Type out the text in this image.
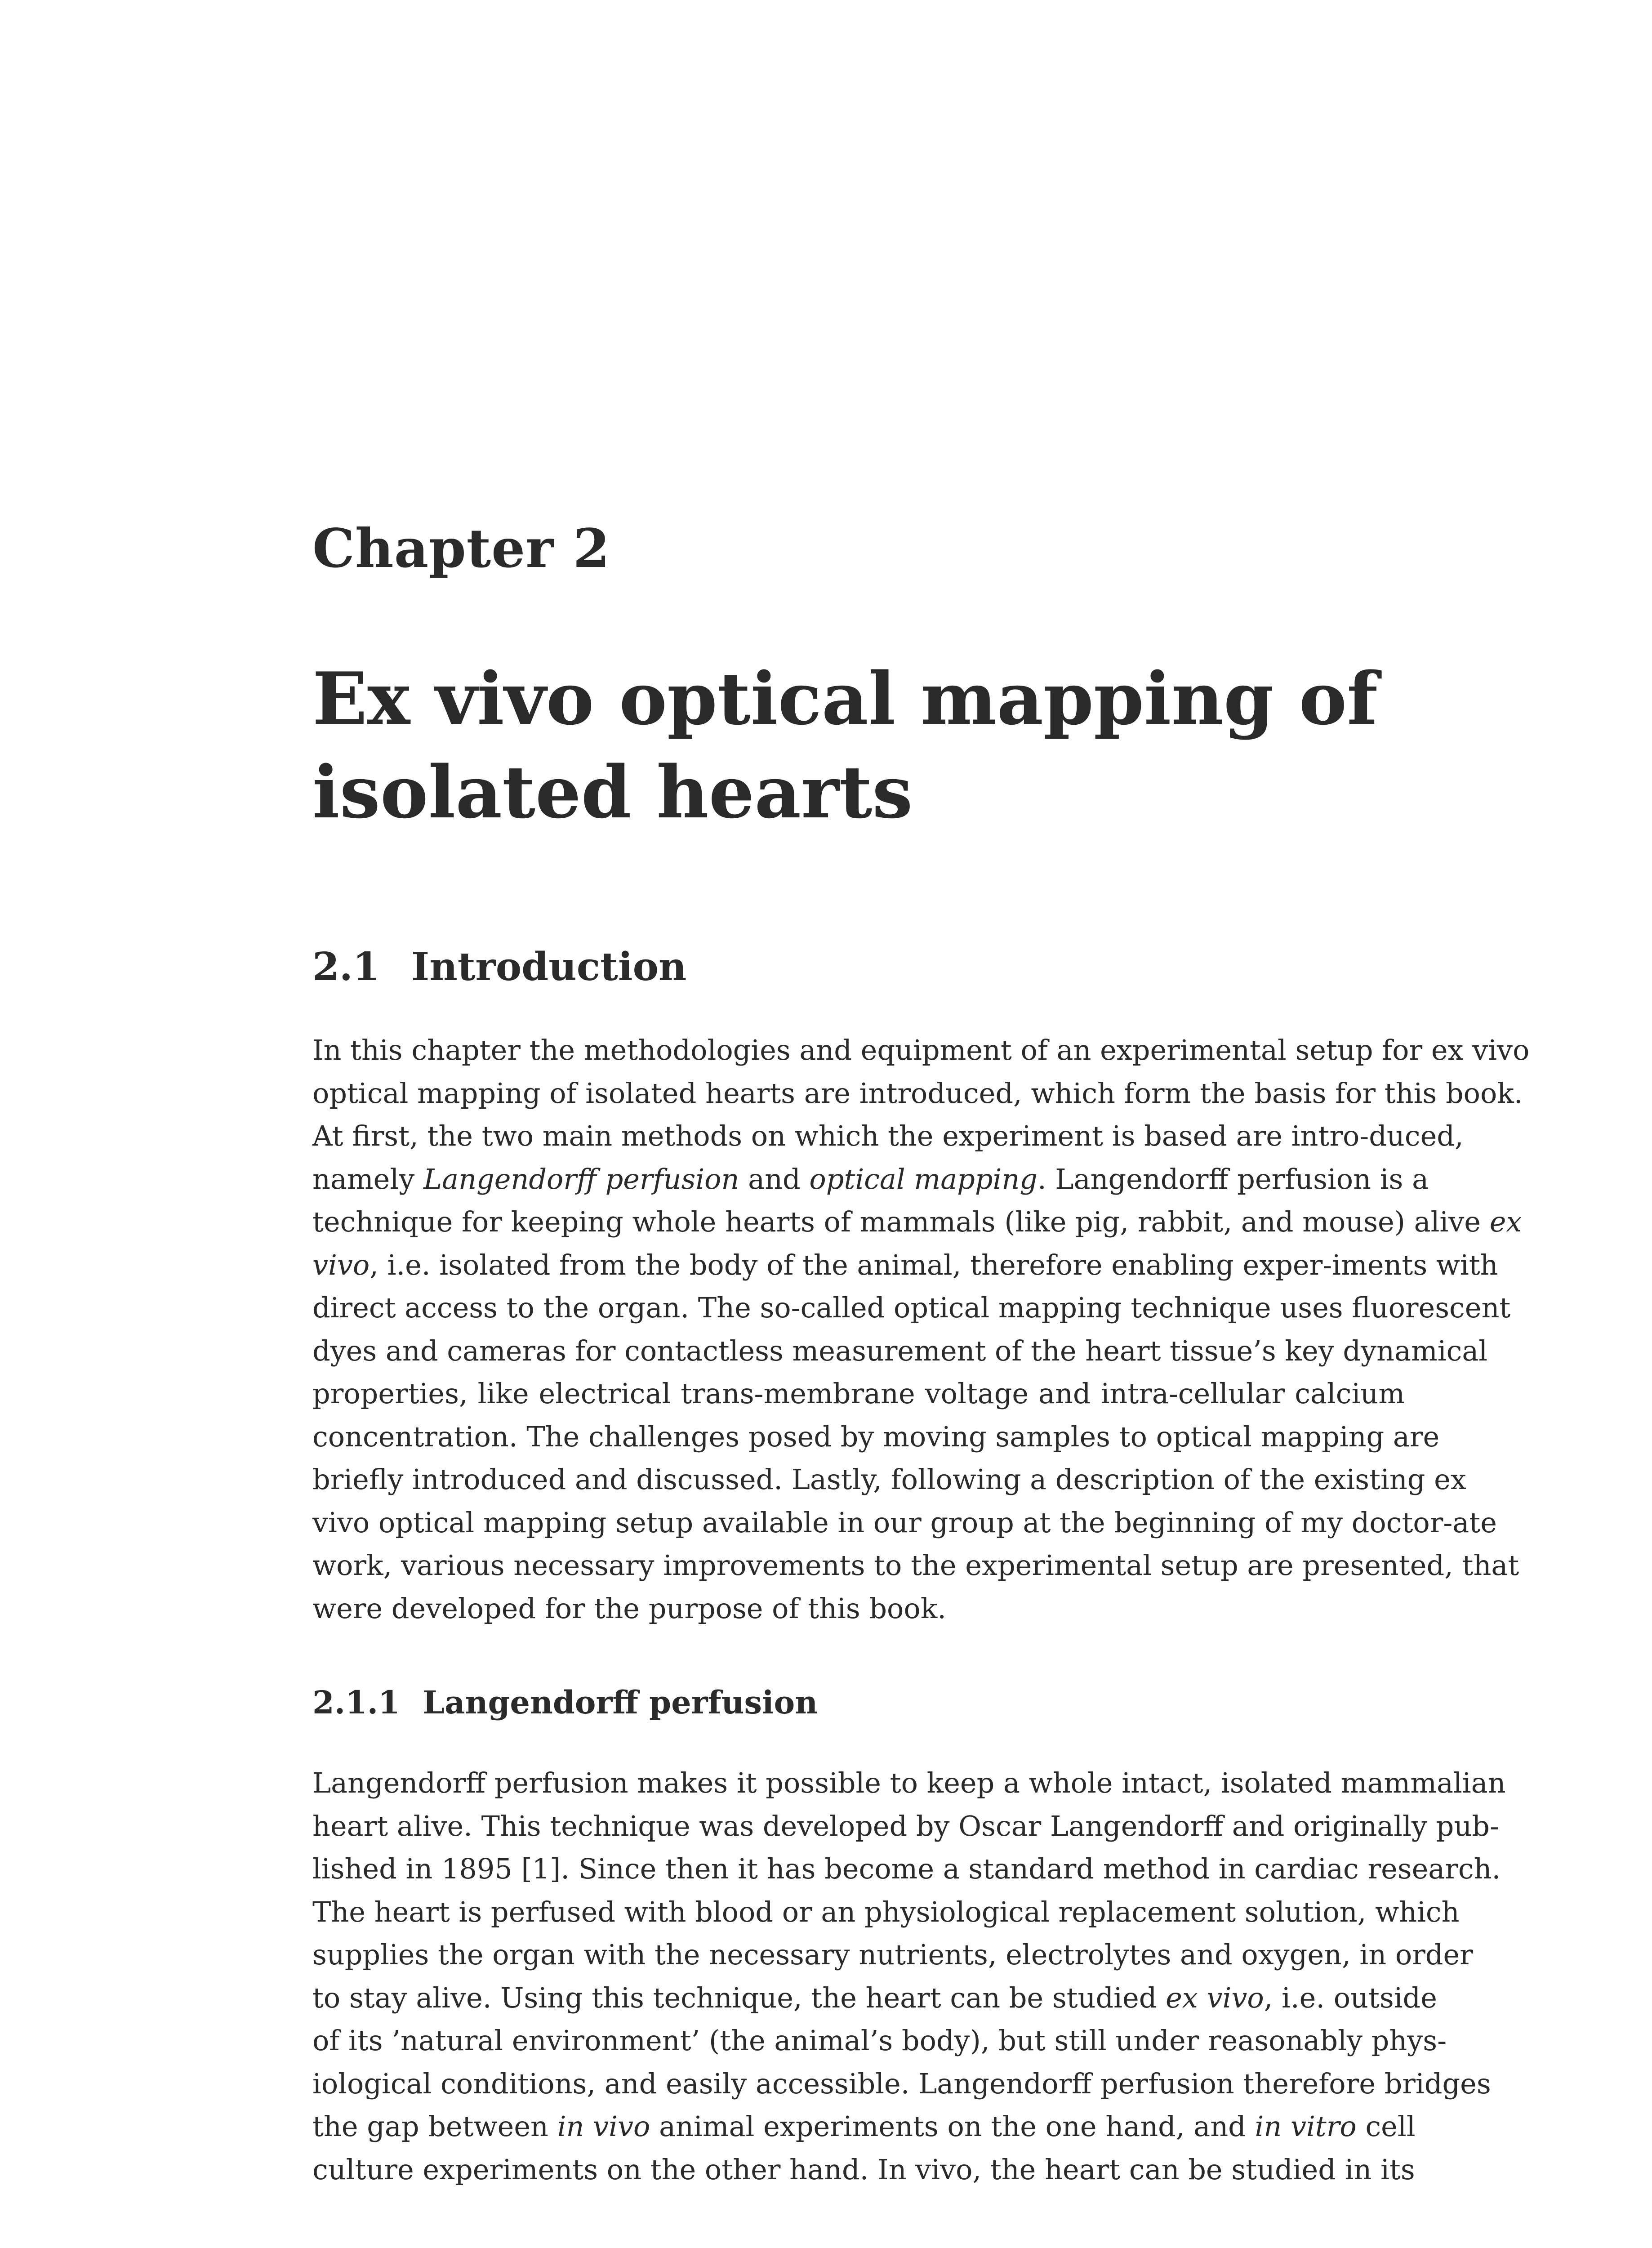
Chapter 2
Ex vivo optical mapping of isolated hearts
2.1 Introduction
In this chapter the methodologies and equipment of an experimental setup for ex vivo
optical mapping of isolated hearts are introduced, which form the basis for this book.
At first, the two main methods on which the experiment is based are intro-duced,
namely Langendorff perfusion and optical mapping. Langendorff perfusion is a
technique for keeping whole hearts of mammals (like pig, rabbit, and mouse) alive ex
vivo, i.e. isolated from the body of the animal, therefore enabling exper-iments with
direct access to the organ. The so-called optical mapping technique uses fluorescent
dyes and cameras for contactless measurement of the heart tissue’s key dynamical
properties, like electrical trans-membrane voltage and intra-cellular calcium
concentration. The challenges posed by moving samples to optical mapping are
briefly introduced and discussed. Lastly, following a description of the existing ex
vivo optical mapping setup available in our group at the beginning of my doctor-ate
work, various necessary improvements to the experimental setup are presented, that
were developed for the purpose of this book.
2.1.1 Langendorff perfusion
Langendorff perfusion makes it possible to keep a whole intact, isolated mammalian
heart alive. This technique was developed by Oscar Langendorff and originally pub-
lished in 1895 [1]. Since then it has become a standard method in cardiac research.
The heart is perfused with blood or an physiological replacement solution, which
supplies the organ with the necessary nutrients, electrolytes and oxygen, in order
to stay alive. Using this technique, the heart can be studied ex vivo, i.e. outside
of its ’natural environment’ (the animal’s body), but still under reasonably phys-
iological conditions, and easily accessible. Langendorff perfusion therefore bridges
the gap between in vivo animal experiments on the one hand, and in vitro cell
culture experiments on the other hand. In vivo, the heart can be studied in its
